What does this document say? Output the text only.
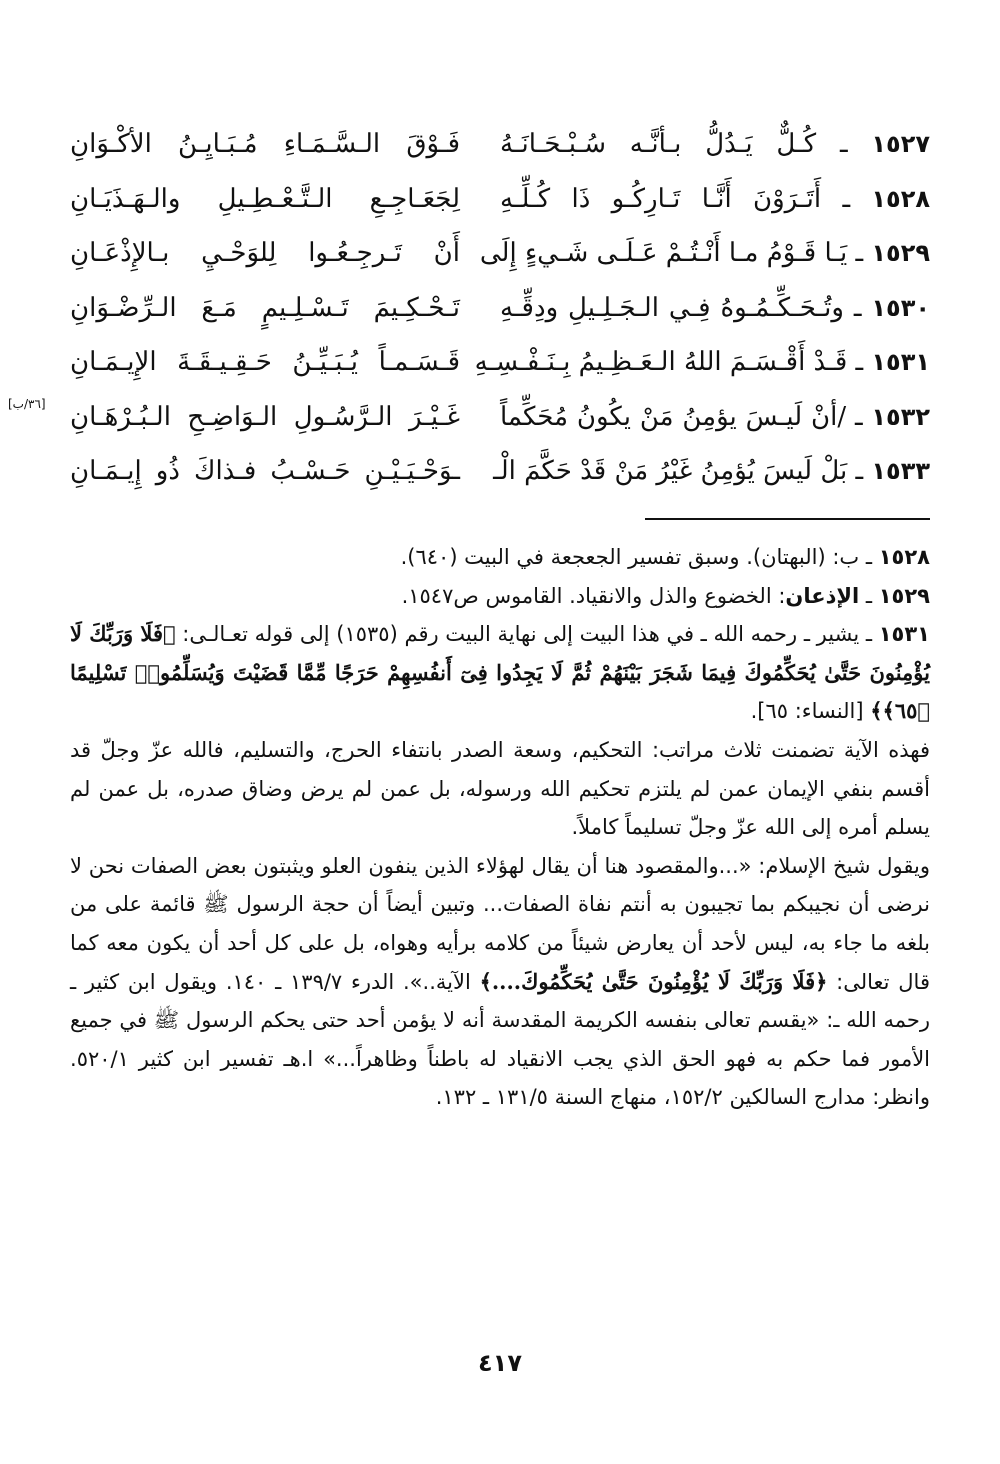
١٥٢٧ ـ كُـلٌّ يَـدُلُّ بـأنَّـه سُـبْـحَـانَـهُ
فَـوْقَ الـسَّـمَـاءِ مُـبَـايِـنُ الأكْـوَانِ
١٥٢٨ ـ أَتَـرَوْنَ أَنَّـا تَـارِكُـو ذَا كُـلِّـهِ
لِجَعَـاجِـعِ الـتَّـعْـطِـيلِ والـهَـذَيَـانِ
١٥٢٩ ـ يَـا قَـوْمُ مـا أَنْـتُـمْ عَـلَـى شَـيءٍ إِلَى
أَنْ تَـرجِـعُـوا لِلوَحْـيِ بـالإِذْعَـانِ
١٥٣٠ ـ وتُـحَـكِّـمُـوهُ فِـي الـجَـلِـيلِ ودِقِّـهِ
تَـحْـكِـيمَ تَـسْـلِـيمٍ مَـعَ الـرِّضْـوَانِ
١٥٣١ ـ قَـدْ أَقْـسَـمَ اللهُ الـعَـظِـيمُ بِـنَـفْـسِـهِ
قَـسَـمـاً يُـبَـيِّـنُ حَـقِـيـقَـةَ الإِيـمَـانِ
١٥٣٢ ـ /أنْ لَيـسَ يؤمِنُ مَنْ يكُونُ مُحَكِّماً
غَـيْـرَ الـرَّسُـولِ الـوَاضِـحِ الـبُـرْهَـانِ
[٣٦/ب]
١٥٣٣ ـ بَلْ لَيسَ يُؤمِنُ غَيْرُ مَنْ قَدْ حَكَّمَ الْـ
ـوَحْـيَـيْـنِ حَـسْـبُ فـذاكَ ذُو إِيـمَـانِ

١٥٢٨ ـ ب: (البهتان). وسبق تفسير الجعجعة في البيت (٦٤٠).

١٥٢٩ ـ الإذعان: الخضوع والذل والانقياد. القاموس ص١٥٤٧.

١٥٣١ ـ يشير ـ رحمه الله ـ في هذا البيت إلى نهاية البيت رقم (١٥٣٥) إلى قوله تعـالـى: ﴿فَلَا وَرَبِّكَ لَا يُؤْمِنُونَ حَتَّىٰ يُحَكِّمُوكَ فِيمَا شَجَرَ بَيْنَهُمْ ثُمَّ لَا يَجِدُوا فِىٓ أَنفُسِهِمْ حَرَجًا مِّمَّا قَضَيْتَ وَيُسَلِّمُوا۟ تَسْلِيمًا ﴿٦٥﴾﴾ [النساء: ٦٥].

فهذه الآية تضمنت ثلاث مراتب: التحكيم، وسعة الصدر بانتفاء الحرج، والتسليم، فالله عزّ وجلّ قد أقسم بنفي الإيمان عمن لم يلتزم تحكيم الله ورسوله، بل عمن لم يرض وضاق صدره، بل عمن لم يسلم أمره إلى الله عزّ وجلّ تسليماً كاملاً.

ويقول شيخ الإسلام: «...والمقصود هنا أن يقال لهؤلاء الذين ينفون العلو ويثبتون بعض الصفات نحن لا نرضى أن نجيبكم بما تجيبون به أنتم نفاة الصفات... وتبين أيضاً أن حجة الرسول ﷺ قائمة على من بلغه ما جاء به، ليس لأحد أن يعارض شيئاً من كلامه برأيه وهواه، بل على كل أحد أن يكون معه كما قال تعالى: ﴿فَلَا وَرَبِّكَ لَا يُؤْمِنُونَ حَتَّىٰ يُحَكِّمُوكَ....﴾ الآية..». الدرء ١٣٩/٧ ـ ١٤٠. ويقول ابن كثير ـ رحمه الله ـ: «يقسم تعالى بنفسه الكريمة المقدسة أنه لا يؤمن أحد حتى يحكم الرسول ﷺ في جميع الأمور فما حكم به فهو الحق الذي يجب الانقياد له باطناً وظاهراً...» ا.هـ تفسير ابن كثير ٥٢٠/١. وانظر: مدارج السالكين ١٥٢/٢، منهاج السنة ١٣١/٥ ـ ١٣٢.

٤١٧
